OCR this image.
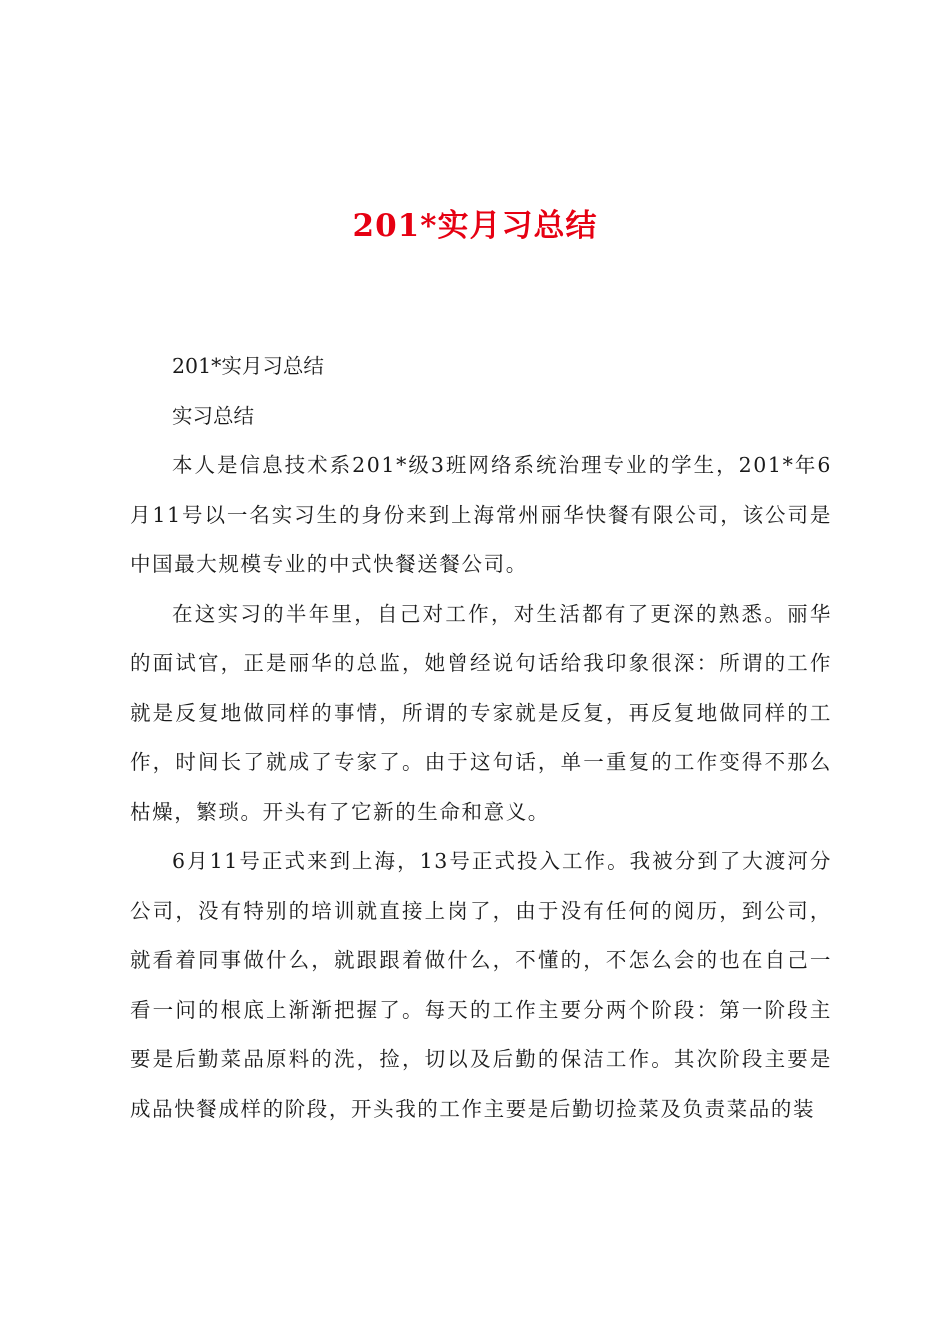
201*实月习总结
201*实月习总结
实习总结

本人是信息技术系201*级3班网络系统治理专业的学生，201*年6月11号以一名实习生的身份来到上海常州丽华快餐有限公司，该公司是中国最大规模专业的中式快餐送餐公司。

在这实习的半年里，自己对工作，对生活都有了更深的熟悉。丽华的面试官，正是丽华的总监，她曾经说句话给我印象很深：所谓的工作就是反复地做同样的事情，所谓的专家就是反复，再反复地做同样的工作，时间长了就成了专家了。由于这句话，单一重复的工作变得不那么枯燥，繁琐。开头有了它新的生命和意义。

6月11号正式来到上海，13号正式投入工作。我被分到了大渡河分公司，没有特别的培训就直接上岗了，由于没有任何的阅历，到公司，就看着同事做什么，就跟跟着做什么，不懂的，不怎么会的也在自己一看一问的根底上渐渐把握了。每天的工作主要分两个阶段：第一阶段主要是后勤菜品原料的洗，捡，切以及后勤的保洁工作。其次阶段主要是成品快餐成样的阶段，开头我的工作主要是后勤切捡菜及负责菜品的装
